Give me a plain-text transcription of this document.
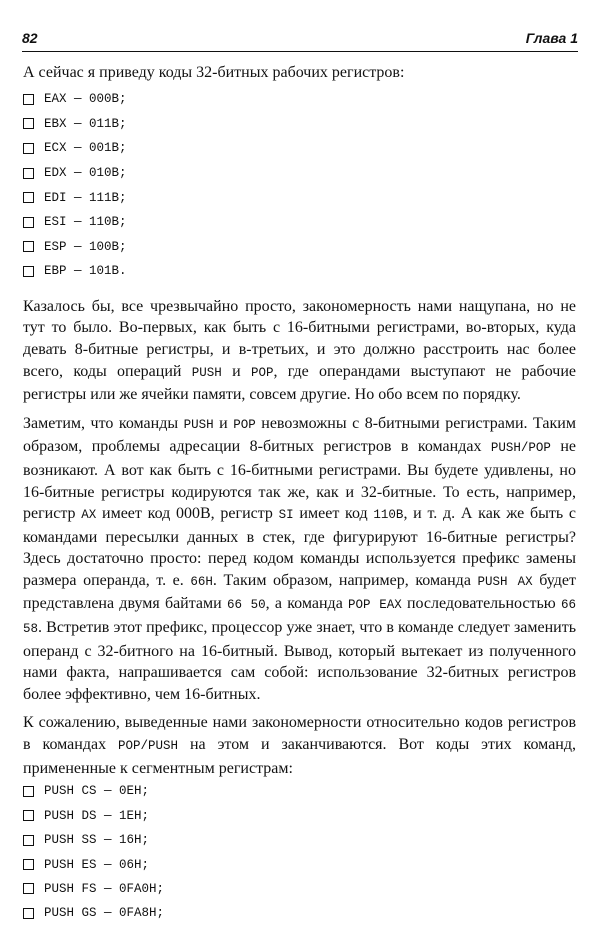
82	Глава 1

А сейчас я приведу коды 32-битных рабочих регистров:

EAX — 000B;
EBX — 011B;
ECX — 001B;
EDX — 010B;
EDI — 111B;
ESI — 110B;
ESP — 100B;
EBP — 101B.

Казалось бы, все чрезвычайно просто, закономерность нами нащупана, но не тут то было. Во-первых, как быть с 16-битными регистрами, во-вторых, куда девать 8-битные регистры, и в-третьих, и это должно расстроить нас более всего, коды операций PUSH и POP, где операндами выступают не рабочие регистры или же ячейки памяти, совсем другие. Но обо всем по порядку.

Заметим, что команды PUSH и POP невозможны с 8-битными регистрами. Таким образом, проблемы адресации 8-битных регистров в командах PUSH/POP не возникают. А вот как быть с 16-битными регистрами. Вы будете удивлены, но 16-битные регистры кодируются так же, как и 32-битные. То есть, например, регистр AX имеет код 000B, регистр SI имеет код 110B, и т. д. А как же быть с командами пересылки данных в стек, где фигурируют 16-битные регистры? Здесь достаточно просто: перед кодом команды используется префикс замены размера операнда, т. е. 66H. Таким образом, например, команда PUSH AX будет представлена двумя байтами 66 50, а команда POP EAX последовательностью 66 58. Встретив этот префикс, процессор уже знает, что в команде следует заменить операнд с 32-битного на 16-битный. Вывод, который вытекает из полученного нами факта, напрашивается сам собой: использование 32-битных регистров более эффективно, чем 16-битных.

К сожалению, выведенные нами закономерности относительно кодов регистров в командах POP/PUSH на этом и заканчиваются. Вот коды этих команд, примененные к сегментным регистрам:

PUSH CS — 0EH;
PUSH DS — 1EH;
PUSH SS — 16H;
PUSH ES — 06H;
PUSH FS — 0FA0H;
PUSH GS — 0FA8H;
